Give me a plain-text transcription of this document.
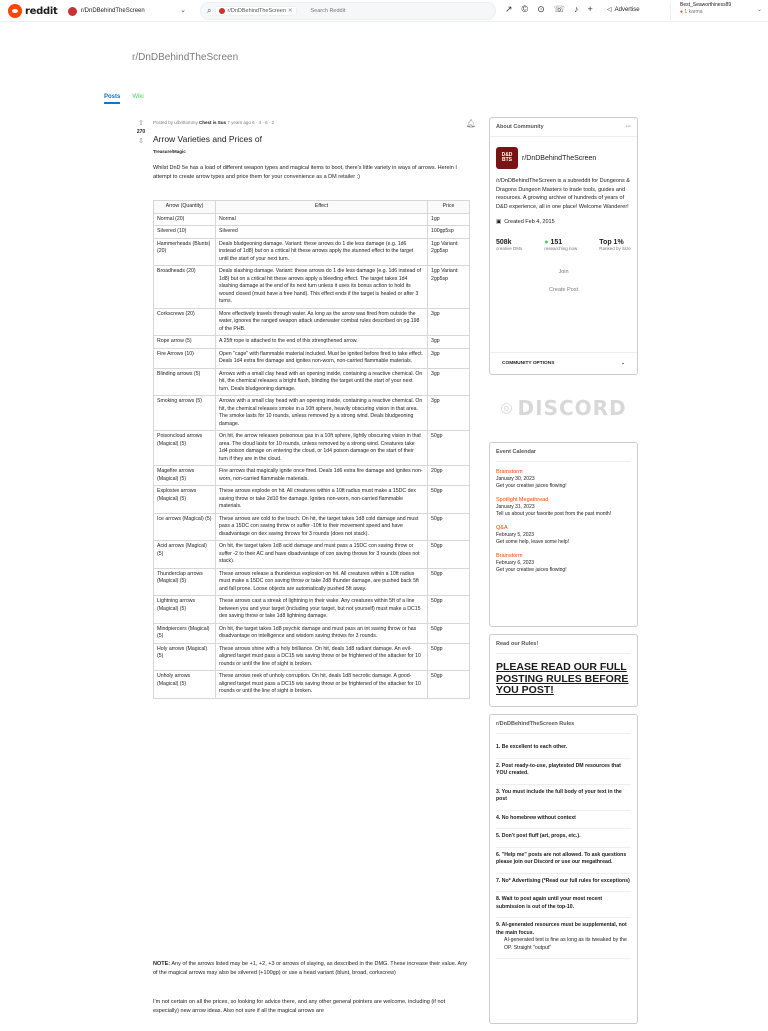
reddit	r/DnDBehindTheScreen	⌄	⌕	r/DnDBehindTheScreen ✕	Search Reddit	↗ © ⊙ ☏ ♪ + ◁ Advertise
Best_Seaworthiness89
● 1 karma	⌄
r/DnDBehindTheScreen
Posts Wiki
⇧
270
⇩
Posted by u/brittommy Chest is Sus 7 years ago 6 · 4 · 6 · 2	🔔︎
Arrow Varieties and Prices of
Treasure/Magic
Whilst DnD 5e has a load of different weapon types and magical items to boot, there's little variety in ways of arrows. Herein I attempt to create arrow types and price them for your convenience as a DM retailer :)
Arrow (Quantity)	Effect	Price
Normal (20)	Normal	1gp
Silvered (10)	Silvered	100gp5sp
Hammerheads (Blunts) (20)	Deals bludgeoning damage. Variant: these arrows do 1 die less damage (e.g. 1d6 instead of 1d8) but on a critical hit these arrows apply the stunned effect to the target until the start of your next turn.	1gp Variant: 2gp5sp
Broadheads (20)	Deals slashing damage. Variant: these arrows do 1 die less damage (e.g. 1d6 instead of 1d8) but on a critical hit these arrows apply a bleeding effect. The target takes 1d4 slashing damage at the end of its next turn unless it uses its bonus action to hold its wound closed (must have a free hand). This effect ends if the target is healed or after 3 turns.	1gp Variant: 2gp5sp
Corkscrews (20)	More effectively travels through water. As long as the arrow was fired from outside the water, ignores the ranged weapon attack underwater combat rules described on pg.198 of the PHB.	3gp
Rope arrow (5)	A 25ft rope is attached to the end of this strengthened arrow.	3gp
Fire Arrows (10)	Open "cage" with flammable material included. Must be ignited before fired to take effect. Deals 1d4 extra fire damage and ignites non-worn, non-carried flammable materials.	3gp
Blinding arrows (5)	Arrows with a small clay head with an opening inside, containing a reactive chemical. On hit, the chemical releases a bright flash, blinding the target until the start of your next turn. Deals bludgeoning damage.	3gp
Smoking arrows (5)	Arrows with a small clay head with an opening inside, containing a reactive chemical. On hit, the chemical releases smoke in a 10ft sphere, heavily obscuring vision in that area. The smoke lasts for 10 rounds, unless removed by a strong wind. Deals bludgeoning damage.	3gp
Poisoncloud arrows (Magical) (5)	On hit, the arrow releases poisonous gas in a 10ft sphere, lightly obscuring vision in that area. The cloud lasts for 10 rounds, unless removed by a strong wind. Creatures take 1d4 poison damage on entering the cloud, or 1d4 poison damage on the start of their turn if they are in the cloud.	50gp
Magefire arrows (Magical) (5)	Fire arrows that magically ignite once fired. Deals 1d6 extra fire damage and ignites non-worn, non-carried flammable materials.	20gp
Explosive arrows (Magical) (5)	These arrows explode on hit. All creatures within a 10ft radius must make a 15DC dex saving throw or take 2d10 fire damage. Ignites non-worn, non-carried flammable materials.	50gp
Ice arrows (Magical) (5)	These arrows are cold to the touch. On hit, the target takes 1d8 cold damage and must pass a 15DC con saving throw or suffer -10ft to their movement speed and have disadvantage on dex saving throws for 3 rounds (does not stack).	50gp
Acid arrows (Magical) (5)	On hit, the target takes 1d8 acid damage and must pass a 15DC con saving throw or suffer -2 to their AC and have disadvantage of con saving throws for 3 rounds (does not stack).	50gp
Thunderclap arrows (Magical) (5)	These arrows release a thunderous explosion on hit. All creatures within a 10ft radius must make a 15DC con saving throw or take 2d8 thunder damage, are pushed back 5ft and fall prone. Loose objects are automatically pushed 5ft away.	50gp
Lightning arrows (Magical) (5)	These arrows cast a streak of lightning in their wake. Any creatures within 5ft of a line between you and your target (including your target, but not yourself) must make a DC15 dex saving throw or take 1d8 lightning damage.	50gp
Mindpiercers (Magical) (5)	On hit, the target takes 1d8 psychic damage and must pass an int saving throw or has disadvantage on intelligence and wisdom saving throws for 3 rounds.	50gp
Holy arrows (Magical) (5)	These arrows shine with a holy brilliance. On hit, deals 1d8 radiant damage. An evil-aligned target must pass a DC15 wis saving throw or be frightened of the attacker for 10 rounds or until the line of sight is broken.	50gp
Unholy arrows (Magical) (5)	These arrows reek of unholy corruption. On hit, deals 1d8 necrotic damage. A good-aligned target must pass a DC15 wis saving throw or be frightened of the attacker for 10 rounds or until the line of sight is broken.	50gp
NOTE: Any of the arrows listed may be +1, +2, +3 or arrows of slaying, as described in the DMG. These increase their value. Any of the magical arrows may also be silvered (+100gp) or use a head variant (blunt, broad, corkscrew)
I'm not certain on all the prices, so looking for advice there, and any other general pointers are welcome, including (if not especially) new arrow ideas. Also not sure if all the magical arrows are
About Community	···
D&D
BTS	r/DnDBehindTheScreen
/r/DnDBehindTheScreen is a subreddit for Dungeons & Dragons Dungeon Masters to trade tools, guides and resources. A growing archive of hundreds of years of D&D experience, all in one place! Welcome Wanderer!
▣ Created Feb 4, 2015
508k
creative DMs
● 151
researching now
Top 1%
Ranked by Size
Join
Create Post
COMMUNITY OPTIONS	⌄
◎ DISCORD
Event Calendar
Brainstorm
January 30, 2023
Get your creative juices flowing!
Spotlight Megathread
January 31, 2023
Tell us about your favorite post from the past month!
Q&A
February 5, 2023
Get some help, leave some help!
Brainstorm
February 6, 2023
Get your creative juices flowing!
Read our Rules!
PLEASE READ OUR FULL POSTING RULES BEFORE YOU POST!
r/DnDBehindTheScreen Rules
1. Be excellent to each other.
2. Post ready-to-use, playtested DM resources that YOU created.
3. You must include the full body of your text in the post
4. No homebrew without context
5. Don't post fluff (art, props, etc.).
6. "Help me" posts are not allowed. To ask questions please join our Discord or use our megathread.
7. No* Advertising (*Read our full rules for exceptions)
8. Wait to post again until your most recent submission is out of the top-10.
9. AI-generated resources must be supplemental, not the main focus.
AI-generated text is fine as long as its tweaked by the OP. Straight "output"
